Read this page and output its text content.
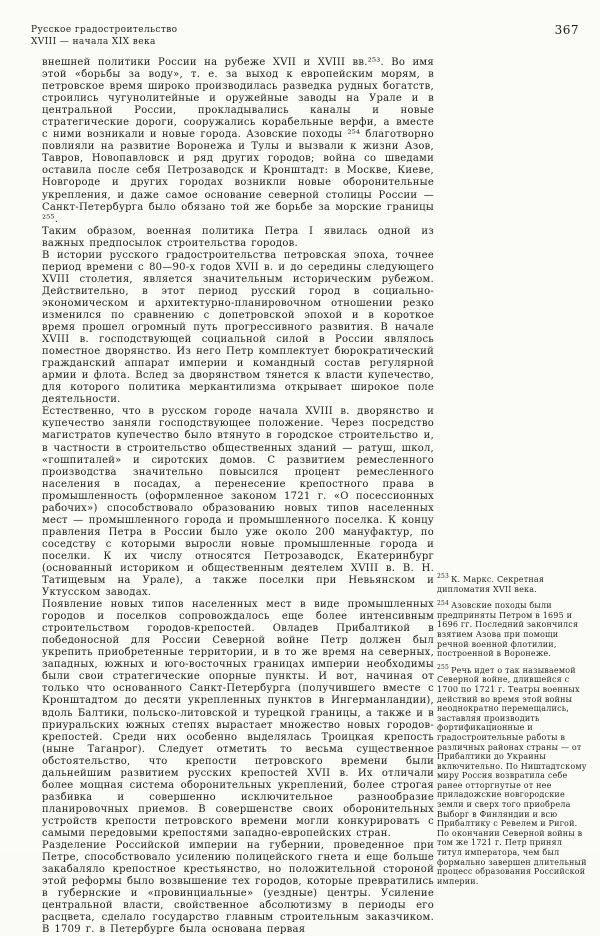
Русское градостроительство
XVIII — начала XIX века
367

внешней политики России на рубеже XVII и XVIII вв.²⁵³. Во имя этой «борьбы за воду», т. е. за выход к европейским морям, в петровское время широко производилась разведка рудных богатств, строились чугунолитейные и оружейные заводы на Урале и в центральной России, прокладывались каналы и новые стратегические дороги, сооружались корабельные верфи, а вместе с ними возникали и новые города. Азовские походы ²⁵⁴ благотворно повлияли на развитие Воронежа и Тулы и вызвали к жизни Азов, Тавров, Новопавловск и ряд других городов; война со шведами оставила после себя Петрозаводск и Кронштадт: в Москве, Киеве, Новгороде и других городах возникли новые оборонительные укрепления, и даже самое основание северной столицы России — Санкт-Петербурга было обязано той же борьбе за морские границы ²⁵⁵.

Таким образом, военная политика Петра I явилась одной из важных предпосылок строительства городов.

В истории русского градостроительства петровская эпоха, точнее период времени с 80—90-х годов XVII в. и до середины следующего XVIII столетия, является значительным историческим рубежом. Действительно, в этот период русский город в социально-экономическом и архитектурно-планировочном отношении резко изменился по сравнению с допетровской эпохой и в короткое время прошел огромный путь прогрессивного развития. В начале XVIII в. господствующей социальной силой в России являлось поместное дворянство. Из него Петр комплектует бюрократический гражданский аппарат империи и командный состав регулярной армии и флота. Вслед за дворянством тянется к власти купечество, для которого политика меркантилизма открывает широкое поле деятельности.

Естественно, что в русском городе начала XVIII в. дворянство и купечество заняли господствующее положение. Через посредство магистратов купечество было втянуто в городское строительство и, в частности в строительство общественных зданий — ратуш, школ, «гошпиталей» и сиротских домов. С развитием ремесленного производства значительно повысился процент ремесленного населения в посадах, а перенесение крепостного права в промышленность (оформленное законом 1721 г. «О посессионных рабочих») способствовало образованию новых типов населенных мест — промышленного города и промышленного поселка. К концу правления Петра в России было уже около 200 мануфактур, по соседству с которыми выросли новые промышленные города и поселки. К их числу относятся Петрозаводск, Екатеринбург (основанный историком и общественным деятелем XVIII в. В. Н. Татищевым на Урале), а также поселки при Невьянском и Уктусском заводах.

Появление новых типов населенных мест в виде промышленных городов и поселков сопровождалось еще более интенсивным строительством городов-крепостей. Овладев Прибалтикой в победоносной для России Северной войне Петр должен был укрепить приобретенные территории, и в то же время на северных, западных, южных и юго-восточных границах империи необходимы были свои стратегические опорные пункты. И вот, начиная от только что основанного Санкт-Петербурга (получившего вместе с Кронштадтом до десяти укрепленных пунктов в Ингерманландии), вдоль Балтики, польско-литовской и турецкой границы, а также и в приуральских южных степях вырастает множество новых городов-крепостей. Среди них особенно выделялась Троицкая крепость (ныне Таганрог). Следует отметить то весьма существенное обстоятельство, что крепости петровского времени были дальнейшим развитием русских крепостей XVII в. Их отличали более мощная система оборонительных укреплений, более строгая разбивка и совершенно исключительное разнообразие планировочных приемов. В совершенстве своих оборонительных устройств крепости петровского времени могли конкурировать с самыми передовыми крепостями западно-европейских стран.

Разделение Российской империи на губернии, проведенное при Петре, способствовало усилению полицейского гнета и еще больше закабаляло крепостное крестьянство, но положительной стороной этой реформы было возвышение тех городов, которые превратились в губернские и «провинциальные» (уездные) центры. Усиление центральной власти, свойственное абсолютизму в периоды его расцвета, сделало государство главным строительным заказчиком. В 1709 г. в Петербурге была основана первая

$^{253}$ К. Маркс. Секретная дипломатия XVII века.

$^{254}$ Азовские походы были предприняты Петром в 1695 и 1696 гг. Последний закончился взятием Азова при помощи речной военной флотилии, построенной в Воронеже.

$^{255}$ Речь идет о так называемой Северной войне, длившейся с 1700 по 1721 г. Театры военных действий во время этой войны неоднократно перемещались, заставляя производить фортификационные и градостроительные работы в различных районах страны — от Прибалтики до Украины включительно. По Ништадтскому миру Россия возвратила себе ранее отторгнутые от нее приладожские новгородские земли и сверх того приобрела Выборг в Финляндии и всю Прибалтику с Ревелем и Ригой. По окончании Северной войны в том же 1721 г. Петр принял титул императора, чем был формально завершен длительный процесс образования Российской империи.
